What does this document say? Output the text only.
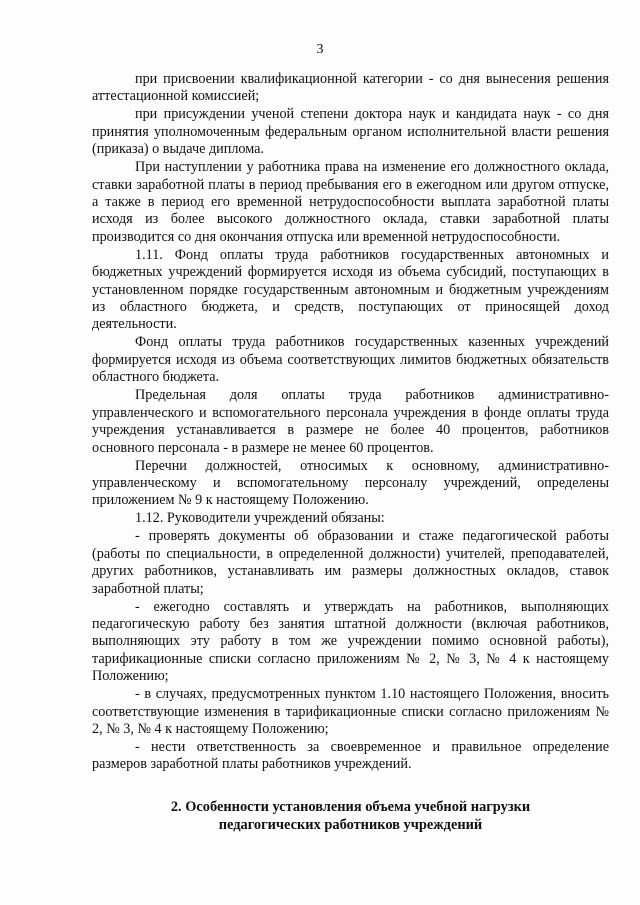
3

при присвоении квалификационной категории - со дня вынесения решения аттестационной комиссией;

при присуждении ученой степени доктора наук и кандидата наук - со дня принятия уполномоченным федеральным органом исполнительной власти решения (приказа) о выдаче диплома.

При наступлении у работника права на изменение его должностного оклада, ставки заработной платы в период пребывания его в ежегодном или другом отпуске, а также в период его временной нетрудоспособности выплата заработной платы исходя из более высокого должностного оклада, ставки заработной платы производится со дня окончания отпуска или временной нетрудоспособности.

1.11. Фонд оплаты труда работников государственных автономных и бюджетных учреждений формируется исходя из объема субсидий, поступающих в установленном порядке государственным автономным и бюджетным учреждениям из областного бюджета, и средств, поступающих от приносящей доход деятельности.

Фонд оплаты труда работников государственных казенных учреждений формируется исходя из объема соответствующих лимитов бюджетных обязательств областного бюджета.

Предельная доля оплаты труда работников административно-управленческого и вспомогательного персонала учреждения в фонде оплаты труда учреждения устанавливается в размере не более 40 процентов, работников основного персонала - в размере не менее 60 процентов.

Перечни должностей, относимых к основному, административно-управленческому и вспомогательному персоналу учреждений, определены приложением № 9 к настоящему Положению.

1.12. Руководители учреждений обязаны:

- проверять документы об образовании и стаже педагогической работы (работы по специальности, в определенной должности) учителей, преподавателей, других работников, устанавливать им размеры должностных окладов, ставок заработной платы;

- ежегодно составлять и утверждать на работников, выполняющих педагогическую работу без занятия штатной должности (включая работников, выполняющих эту работу в том же учреждении помимо основной работы), тарификационные списки согласно приложениям № 2, № 3, № 4 к настоящему Положению;

- в случаях, предусмотренных пунктом 1.10 настоящего Положения, вносить соответствующие изменения в тарификационные списки согласно приложениям № 2, № 3, № 4 к настоящему Положению;

- нести ответственность за своевременное и правильное определение размеров заработной платы работников учреждений.

2. Особенности установления объема учебной нагрузки
педагогических работников учреждений
